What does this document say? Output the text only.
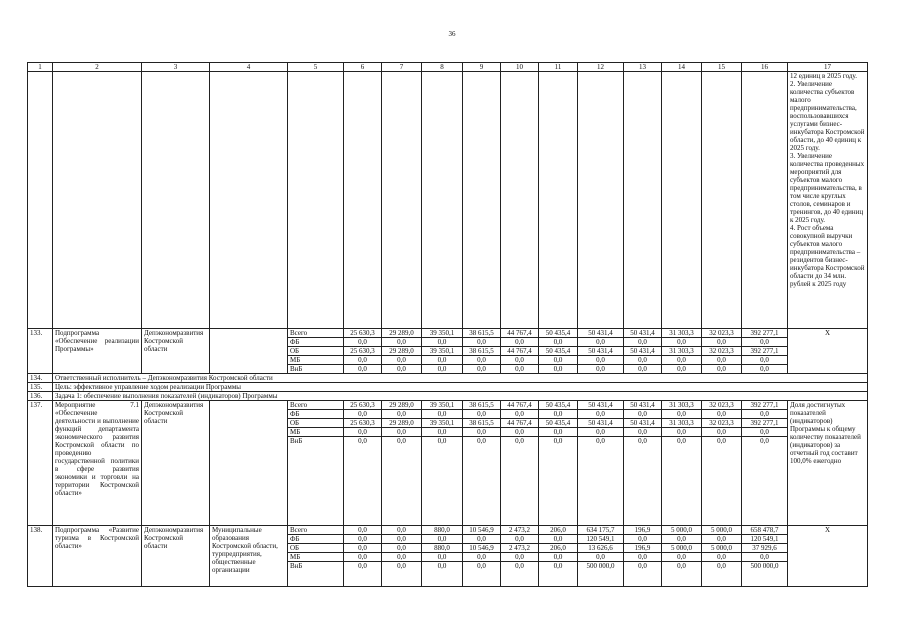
36
1	2	3	4	5	6	7	8	9	10	11	12	13	14	15	16	17
																12 единиц в 2025 году.
2. Увеличение количества субъектов малого предпринимательства, воспользовавшихся услугами бизнес-инкубатора Костромской области, до 40 единиц к 2025 году.
3. Увеличение количества проведенных мероприятий для субъектов малого предпринимательства, в том числе круглых столов, семинаров и тренингов, до 40 единиц к 2025 году.
4. Рост объема совокупной выручки субъектов малого предпринимательства – резидентов бизнес-инкубатора Костромской области до 34 млн. рублей к 2025 году
133.	Подпрограмма «Обеспечение реализации Программы»	Депэкономразвития Костромской области		Всего	25 630,3	29 289,0	39 350,1	38 615,5	44 767,4	50 435,4	50 431,4	50 431,4	31 303,3	32 023,3	392 277,1	Х
				ФБ	0,0	0,0	0,0	0,0	0,0	0,0	0,0	0,0	0,0	0,0	0,0	
				ОБ	25 630,3	29 289,0	39 350,1	38 615,5	44 767,4	50 435,4	50 431,4	50 431,4	31 303,3	32 023,3	392 277,1	
				МБ	0,0	0,0	0,0	0,0	0,0	0,0	0,0	0,0	0,0	0,0	0,0	
				ВнБ	0,0	0,0	0,0	0,0	0,0	0,0	0,0	0,0	0,0	0,0	0,0	
134.	Ответственный исполнитель – Депэкономразвития Костромской области															
135.	Цель: эффективное управление ходом реализации Программы															
136.	Задача 1: обеспечение выполнения показателей (индикаторов) Программы															
137.	Мероприятие 7.1 «Обеспечение деятельности и выполнение функций департамента экономического развития Костромской области по проведению государственной политики в сфере развития экономики и торговли на территории Костромской области»	Депэкономразвития Костромской области		Всего	25 630,3	29 289,0	39 350,1	38 615,5	44 767,4	50 435,4	50 431,4	50 431,4	31 303,3	32 023,3	392 277,1	Доля достигнутых показателей (индикаторов) Программы к общему количеству показателей (индикаторов) за отчетный год составит 100,0% ежегодно
				ФБ	0,0	0,0	0,0	0,0	0,0	0,0	0,0	0,0	0,0	0,0	0,0	
				ОБ	25 630,3	29 289,0	39 350,1	38 615,5	44 767,4	50 435,4	50 431,4	50 431,4	31 303,3	32 023,3	392 277,1	
				МБ	0,0	0,0	0,0	0,0	0,0	0,0	0,0	0,0	0,0	0,0	0,0	
				ВнБ	0,0	0,0	0,0	0,0	0,0	0,0	0,0	0,0	0,0	0,0	0,0	
138.	Подпрограмма «Развитие туризма в Костромской области»	Депэкономразвития Костромской области	Муниципальные образования Костромской области, турпредприятия, общественные организации	Всего	0,0	0,0	880,0	10 546,9	2 473,2	206,0	634 175,7	196,9	5 000,0	5 000,0	658 478,7	Х
				ФБ	0,0	0,0	0,0	0,0	0,0	0,0	120 549,1	0,0	0,0	0,0	120 549,1	
				ОБ	0,0	0,0	880,0	10 546,9	2 473,2	206,0	13 626,6	196,9	5 000,0	5 000,0	37 929,6	
				МБ	0,0	0,0	0,0	0,0	0,0	0,0	0,0	0,0	0,0	0,0	0,0	
				ВнБ	0,0	0,0	0,0	0,0	0,0	0,0	500 000,0	0,0	0,0	0,0	500 000,0	
